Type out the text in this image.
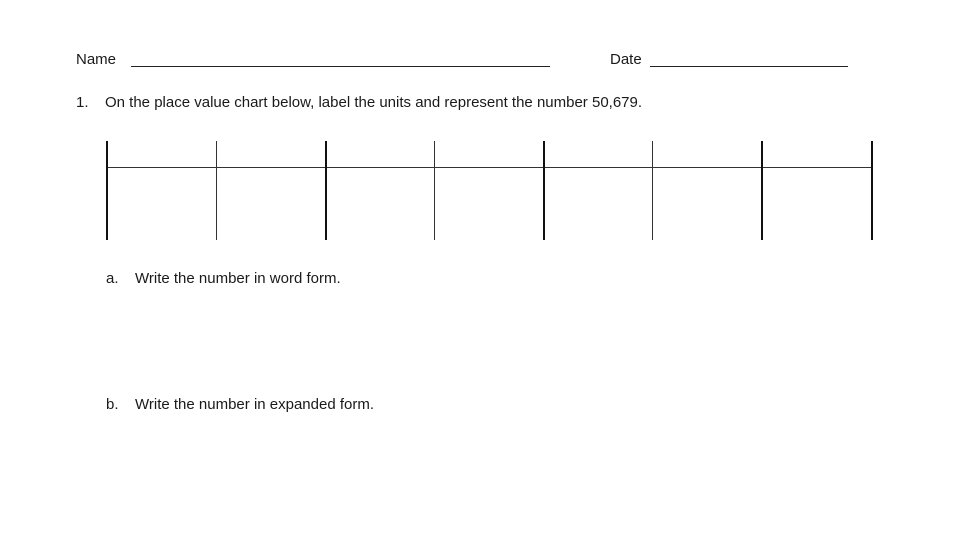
Name	Date
1. On the place value chart below, label the units and represent the number 50,679.
a. Write the number in word form.
b. Write the number in expanded form.
